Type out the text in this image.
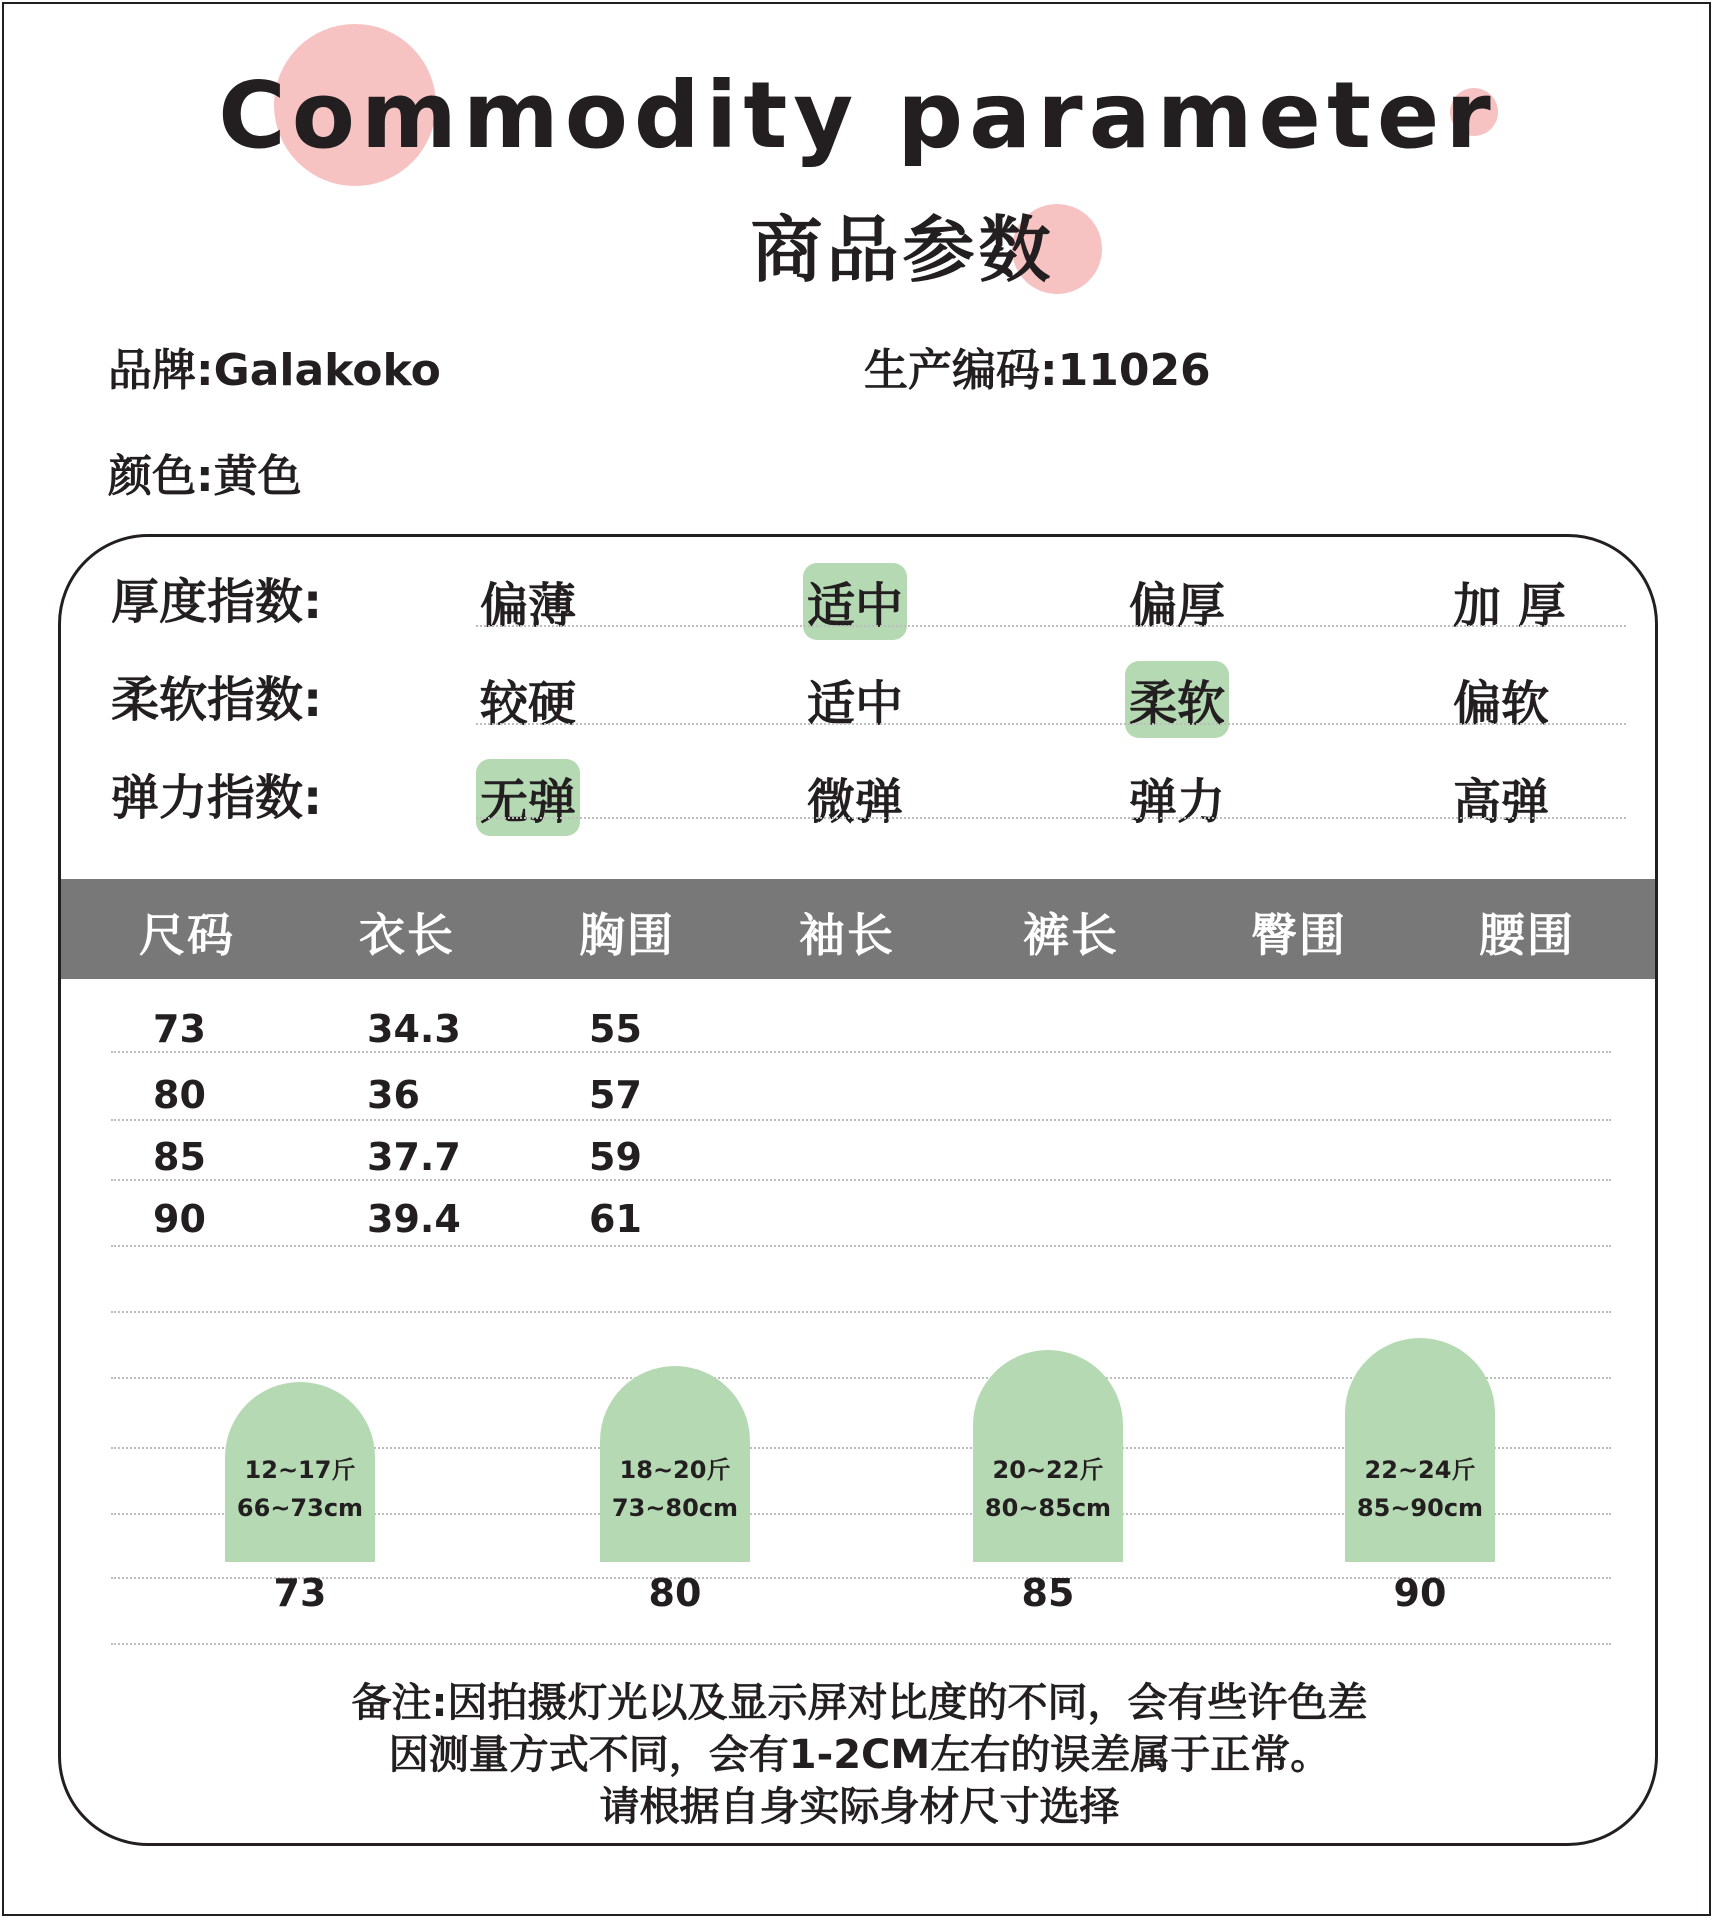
Commodity parameter
商品参数
品牌:Galakoko	生产编码:11026
颜色:黄色
厚度指数:	偏薄	适中	偏厚	加 厚
柔软指数:	较硬	适中	柔软	偏软
弹力指数:	无弹	微弹	弹力	高弹
尺码	衣长	胸围	袖长	裤长	臀围	腰围
73	34.3	55
80	36	57
85	37.7	59
90	39.4	61
12~17斤
66~73cm
73
18~20斤
73~80cm
80
20~22斤
80~85cm
85
22~24斤
85~90cm
90
备注:因拍摄灯光以及显示屏对比度的不同，会有些许色差
因测量方式不同，会有1-2CM左右的误差属于正常。
请根据自身实际身材尺寸选择
